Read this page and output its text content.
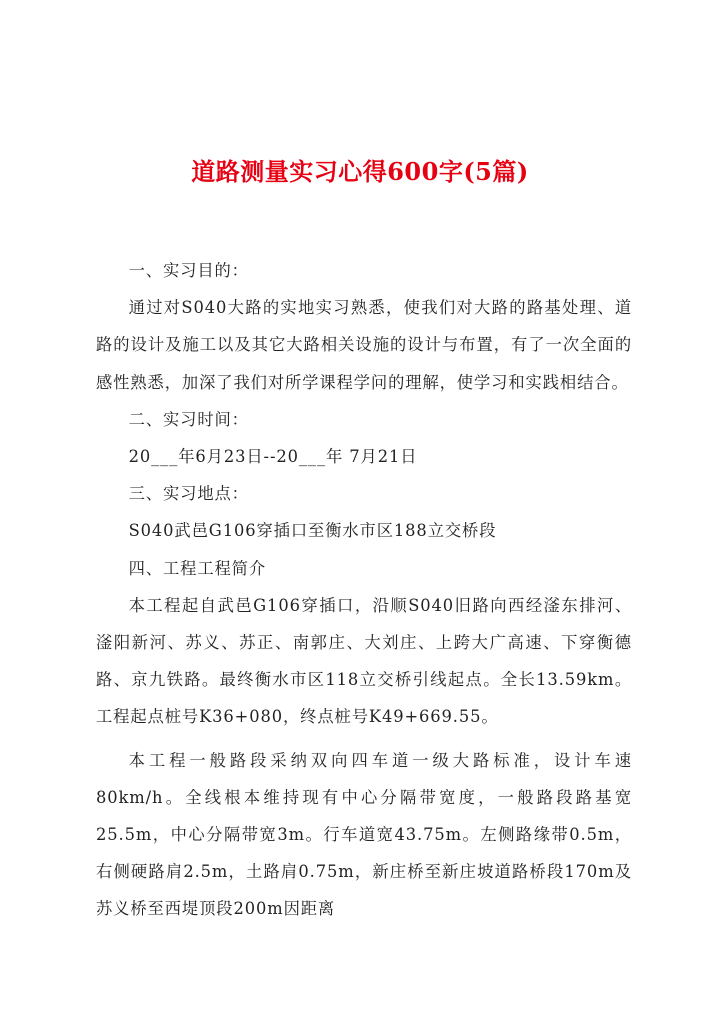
道路测量实习心得600字(5篇)

一、实习目的：

通过对S040大路的实地实习熟悉，使我们对大路的路基处理、道路的设计及施工以及其它大路相关设施的设计与布置，有了一次全面的感性熟悉，加深了我们对所学课程学问的理解，使学习和实践相结合。

二、实习时间：

20___年6月23日--20___年 7月21日

三、实习地点：

S040武邑G106穿插口至衡水市区188立交桥段

四、工程工程简介

本工程起自武邑G106穿插口，沿顺S040旧路向西经滏东排河、滏阳新河、苏义、苏正、南郭庄、大刘庄、上跨大广高速、下穿衡德路、京九铁路。最终衡水市区118立交桥引线起点。全长13.59km。工程起点桩号K36+080，终点桩号K49+669.55。

本工程一般路段采纳双向四车道一级大路标准，设计车速80km/h。全线根本维持现有中心分隔带宽度，一般路段路基宽25.5m，中心分隔带宽3m。行车道宽43.75m。左侧路缘带0.5m，右侧硬路肩2.5m，土路肩0.75m，新庄桥至新庄坡道路桥段170m及苏义桥至西堤顶段200m因距离
